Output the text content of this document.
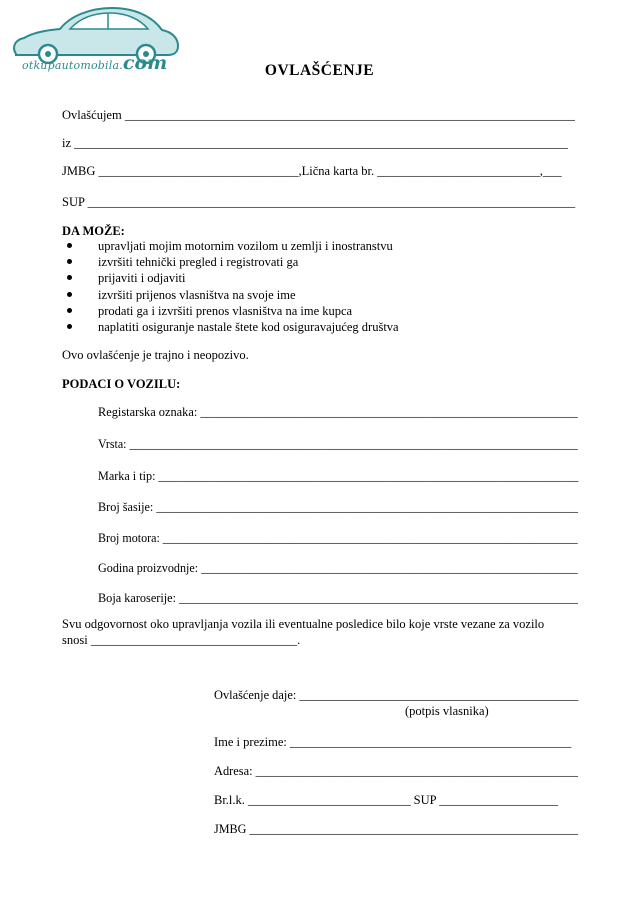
otkupautomobila.com	OVLAŠĆENJE
Ovlašćujem ________________________________________________________________________
iz _______________________________________________________________________________
JMBG ________________________________,Lična karta br. __________________________,___
SUP ______________________________________________________________________________
DA MOŽE:
upravljati mojim motornim vozilom u zemlji i inostranstvu
izvršiti tehnički pregled i registrovati ga
prijaviti i odjaviti
izvršiti prijenos vlasništva na svoje ime
prodati ga i izvršiti prenos vlasništva na ime kupca
naplatiti osiguranje nastale štete kod osiguravajućeg društva
Ovo ovlašćenje je trajno i neopozivo.
PODACI O VOZILU:
Registarska oznaka: _____________________________________________________________
Vrsta: ___________________________________________________________________________
Marka i tip: _____________________________________________________________________
Broj šasije: _____________________________________________________________________
Broj motora: _____________________________________________________________________
Godina proizvodnje: ______________________________________________________________
Boja karoserije: _________________________________________________________________
Svu odgovornost oko upravljanja vozila ili eventualne posledice bilo koje vrste vezane za vozilo
snosi _________________________________.
Ovlašćenje daje: _____________________________________________
(potpis vlasnika)
Ime i prezime: _____________________________________________
Adresa: ____________________________________________________
Br.l.k. __________________________ SUP ___________________
JMBG ______________________________________________________
